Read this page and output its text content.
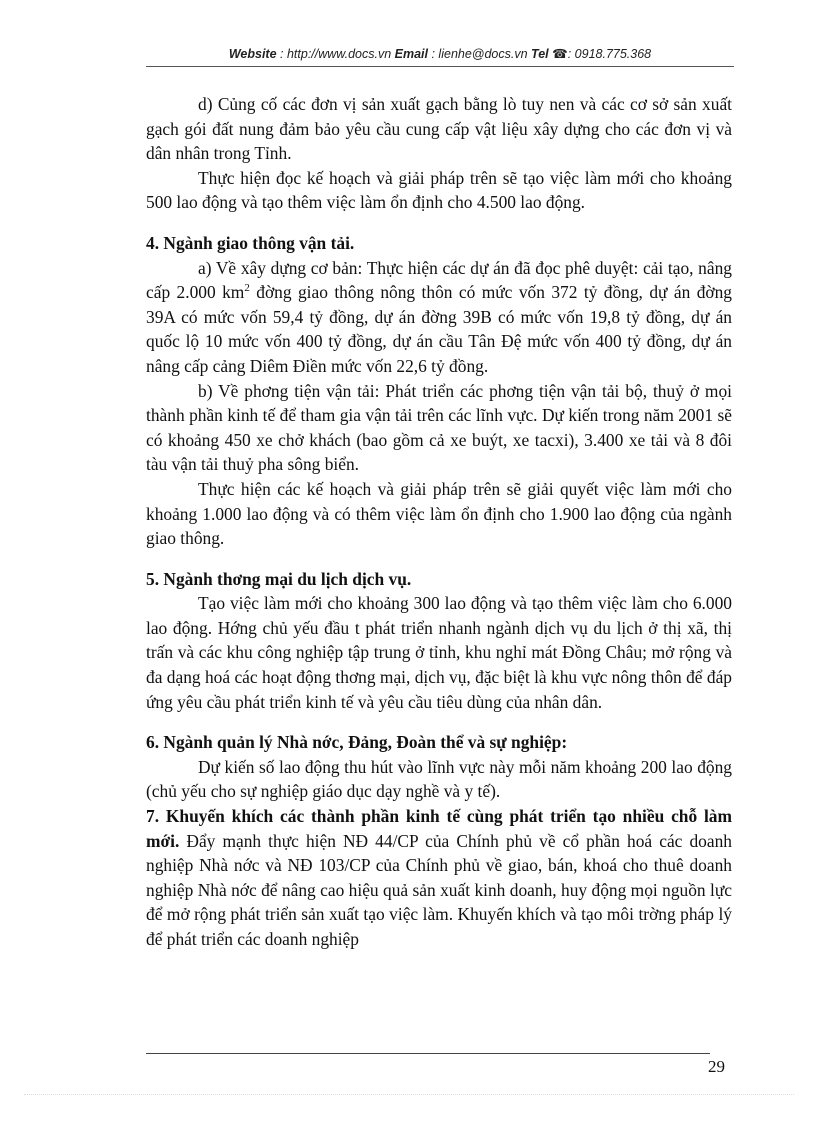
Website : http://www.docs.vn Email : lienhe@docs.vn Tel ☎: 0918.775.368

d) Củng cố các đơn vị sản xuất gạch bằng lò tuy nen và các cơ sở sản xuất gạch gói đất nung đảm bảo yêu cầu cung cấp vật liệu xây dựng cho các đơn vị và dân nhân trong Tỉnh.

Thực hiện đọc kế hoạch và giải pháp trên sẽ tạo việc làm mới cho khoảng 500 lao động và tạo thêm việc làm ổn định cho 4.500 lao động.

4. Ngành giao thông vận tải.

a) Về xây dựng cơ bản: Thực hiện các dự án đã đọc phê duyệt: cải tạo, nâng cấp 2.000 $km^2$ đờng giao thông nông thôn có mức vốn 372 tỷ đồng, dự án đờng 39A có mức vốn 59,4 tỷ đồng, dự án đờng 39B có mức vốn 19,8 tỷ đồng, dự án quốc lộ 10 mức vốn 400 tỷ đồng, dự án cầu Tân Đệ mức vốn 400 tỷ đồng, dự án nâng cấp cảng Diêm Điền mức vốn 22,6 tỷ đồng.

b) Về phơng tiện vận tải: Phát triển các phơng tiện vận tải bộ, thuỷ ở mọi thành phần kinh tế để tham gia vận tải trên các lĩnh vực. Dự kiến trong năm 2001 sẽ có khoảng 450 xe chở khách (bao gồm cả xe buýt, xe tacxi), 3.400 xe tải và 8 đôi tàu vận tải thuỷ pha sông biển.

Thực hiện các kế hoạch và giải pháp trên sẽ giải quyết việc làm mới cho khoảng 1.000 lao động và có thêm việc làm ổn định cho 1.900 lao động của ngành giao thông.

5. Ngành thơng mại du lịch dịch vụ.

Tạo việc làm mới cho khoảng 300 lao động và tạo thêm việc làm cho 6.000 lao động. Hớng chủ yếu đầu t phát triển nhanh ngành dịch vụ du lịch ở thị xã, thị trấn và các khu công nghiệp tập trung ở tỉnh, khu nghỉ mát Đồng Châu; mở rộng và đa dạng hoá các hoạt động thơng mại, dịch vụ, đặc biệt là khu vực nông thôn để đáp ứng yêu cầu phát triển kinh tế và yêu cầu tiêu dùng của nhân dân.

6. Ngành quản lý Nhà nớc, Đảng, Đoàn thể và sự nghiệp:

Dự kiến số lao động thu hút vào lĩnh vực này mỗi năm khoảng 200 lao động (chủ yếu cho sự nghiệp giáo dục dạy nghề và y tế).

7. Khuyến khích các thành phần kinh tế cùng phát triển tạo nhiều chỗ làm mới. Đẩy mạnh thực hiện NĐ 44/CP của Chính phủ về cổ phần hoá các doanh nghiệp Nhà nớc và NĐ 103/CP của Chính phủ về giao, bán, khoá cho thuê doanh nghiệp Nhà nớc để nâng cao hiệu quả sản xuất kinh doanh, huy động mọi nguồn lực để mở rộng phát triển sản xuất tạo việc làm. Khuyến khích và tạo môi trờng pháp lý để phát triển các doanh nghiệp

29
